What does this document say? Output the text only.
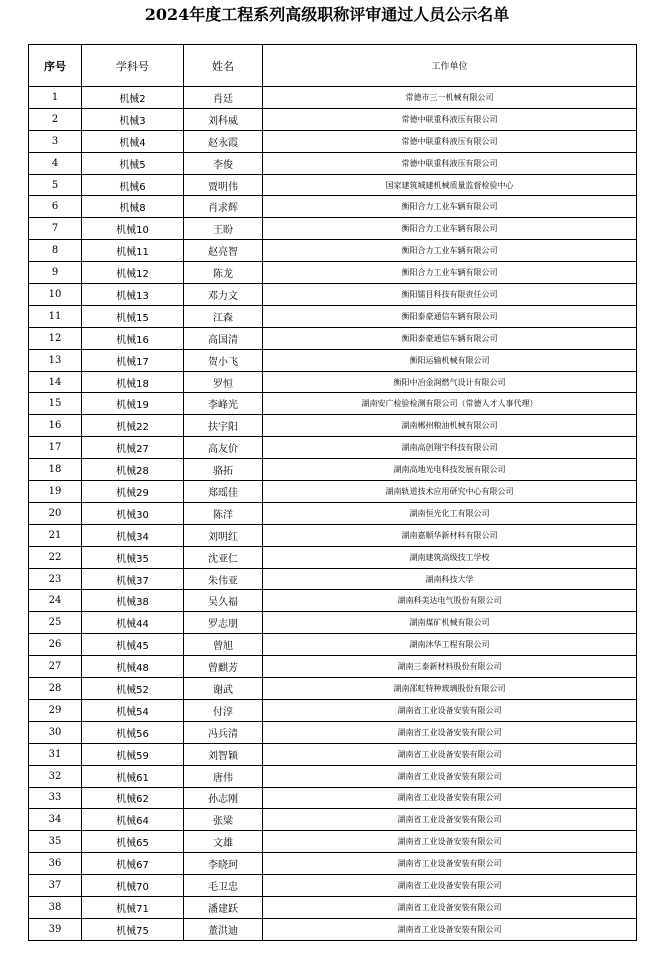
2024年度工程系列高级职称评审通过人员公示名单
序号	学科号	姓名	工作单位
1	机械2	肖廷	常德市三一机械有限公司
2	机械3	刘科威	常德中联重科液压有限公司
3	机械4	赵永霞	常德中联重科液压有限公司
4	机械5	李俊	常德中联重科液压有限公司
5	机械6	贾明伟	国家建筑城建机械质量监督检验中心
6	机械8	肖求辉	衡阳合力工业车辆有限公司
7	机械10	王盼	衡阳合力工业车辆有限公司
8	机械11	赵亮智	衡阳合力工业车辆有限公司
9	机械12	陈龙	衡阳合力工业车辆有限公司
10	机械13	邓力文	衡阳镭目科技有限责任公司
11	机械15	江森	衡阳泰豪通信车辆有限公司
12	机械16	高国清	衡阳泰豪通信车辆有限公司
13	机械17	贺小飞	衡阳运输机械有限公司
14	机械18	罗恒	衡阳中冶金润燃气设计有限公司
15	机械19	李峰光	湖南安广检验检测有限公司（常德人才人事代理）
16	机械22	扶宇阳	湖南郴州粮油机械有限公司
17	机械27	高友价	湖南高创翔宇科技有限公司
18	机械28	骆拓	湖南高地光电科技发展有限公司
19	机械29	郑瑶佳	湖南轨道技术应用研究中心有限公司
20	机械30	陈洋	湖南恒光化工有限公司
21	机械34	刘明红	湖南嘉顺华新材料有限公司
22	机械35	沈亚仁	湖南建筑高级技工学校
23	机械37	朱伟亚	湖南科技大学
24	机械38	吴久福	湖南科美达电气股份有限公司
25	机械44	罗志朋	湖南煤矿机械有限公司
26	机械45	曾旭	湖南沐华工程有限公司
27	机械48	曾麒芳	湖南三泰新材料股份有限公司
28	机械52	谢武	湖南邵虹特种玻璃股份有限公司
29	机械54	付淳	湖南省工业设备安装有限公司
30	机械56	冯兵清	湖南省工业设备安装有限公司
31	机械59	刘智颖	湖南省工业设备安装有限公司
32	机械61	唐伟	湖南省工业设备安装有限公司
33	机械62	孙志刚	湖南省工业设备安装有限公司
34	机械64	张粱	湖南省工业设备安装有限公司
35	机械65	文雄	湖南省工业设备安装有限公司
36	机械67	李晓珂	湖南省工业设备安装有限公司
37	机械70	毛卫忠	湖南省工业设备安装有限公司
38	机械71	潘建跃	湖南省工业设备安装有限公司
39	机械75	董洪迪	湖南省工业设备安装有限公司
